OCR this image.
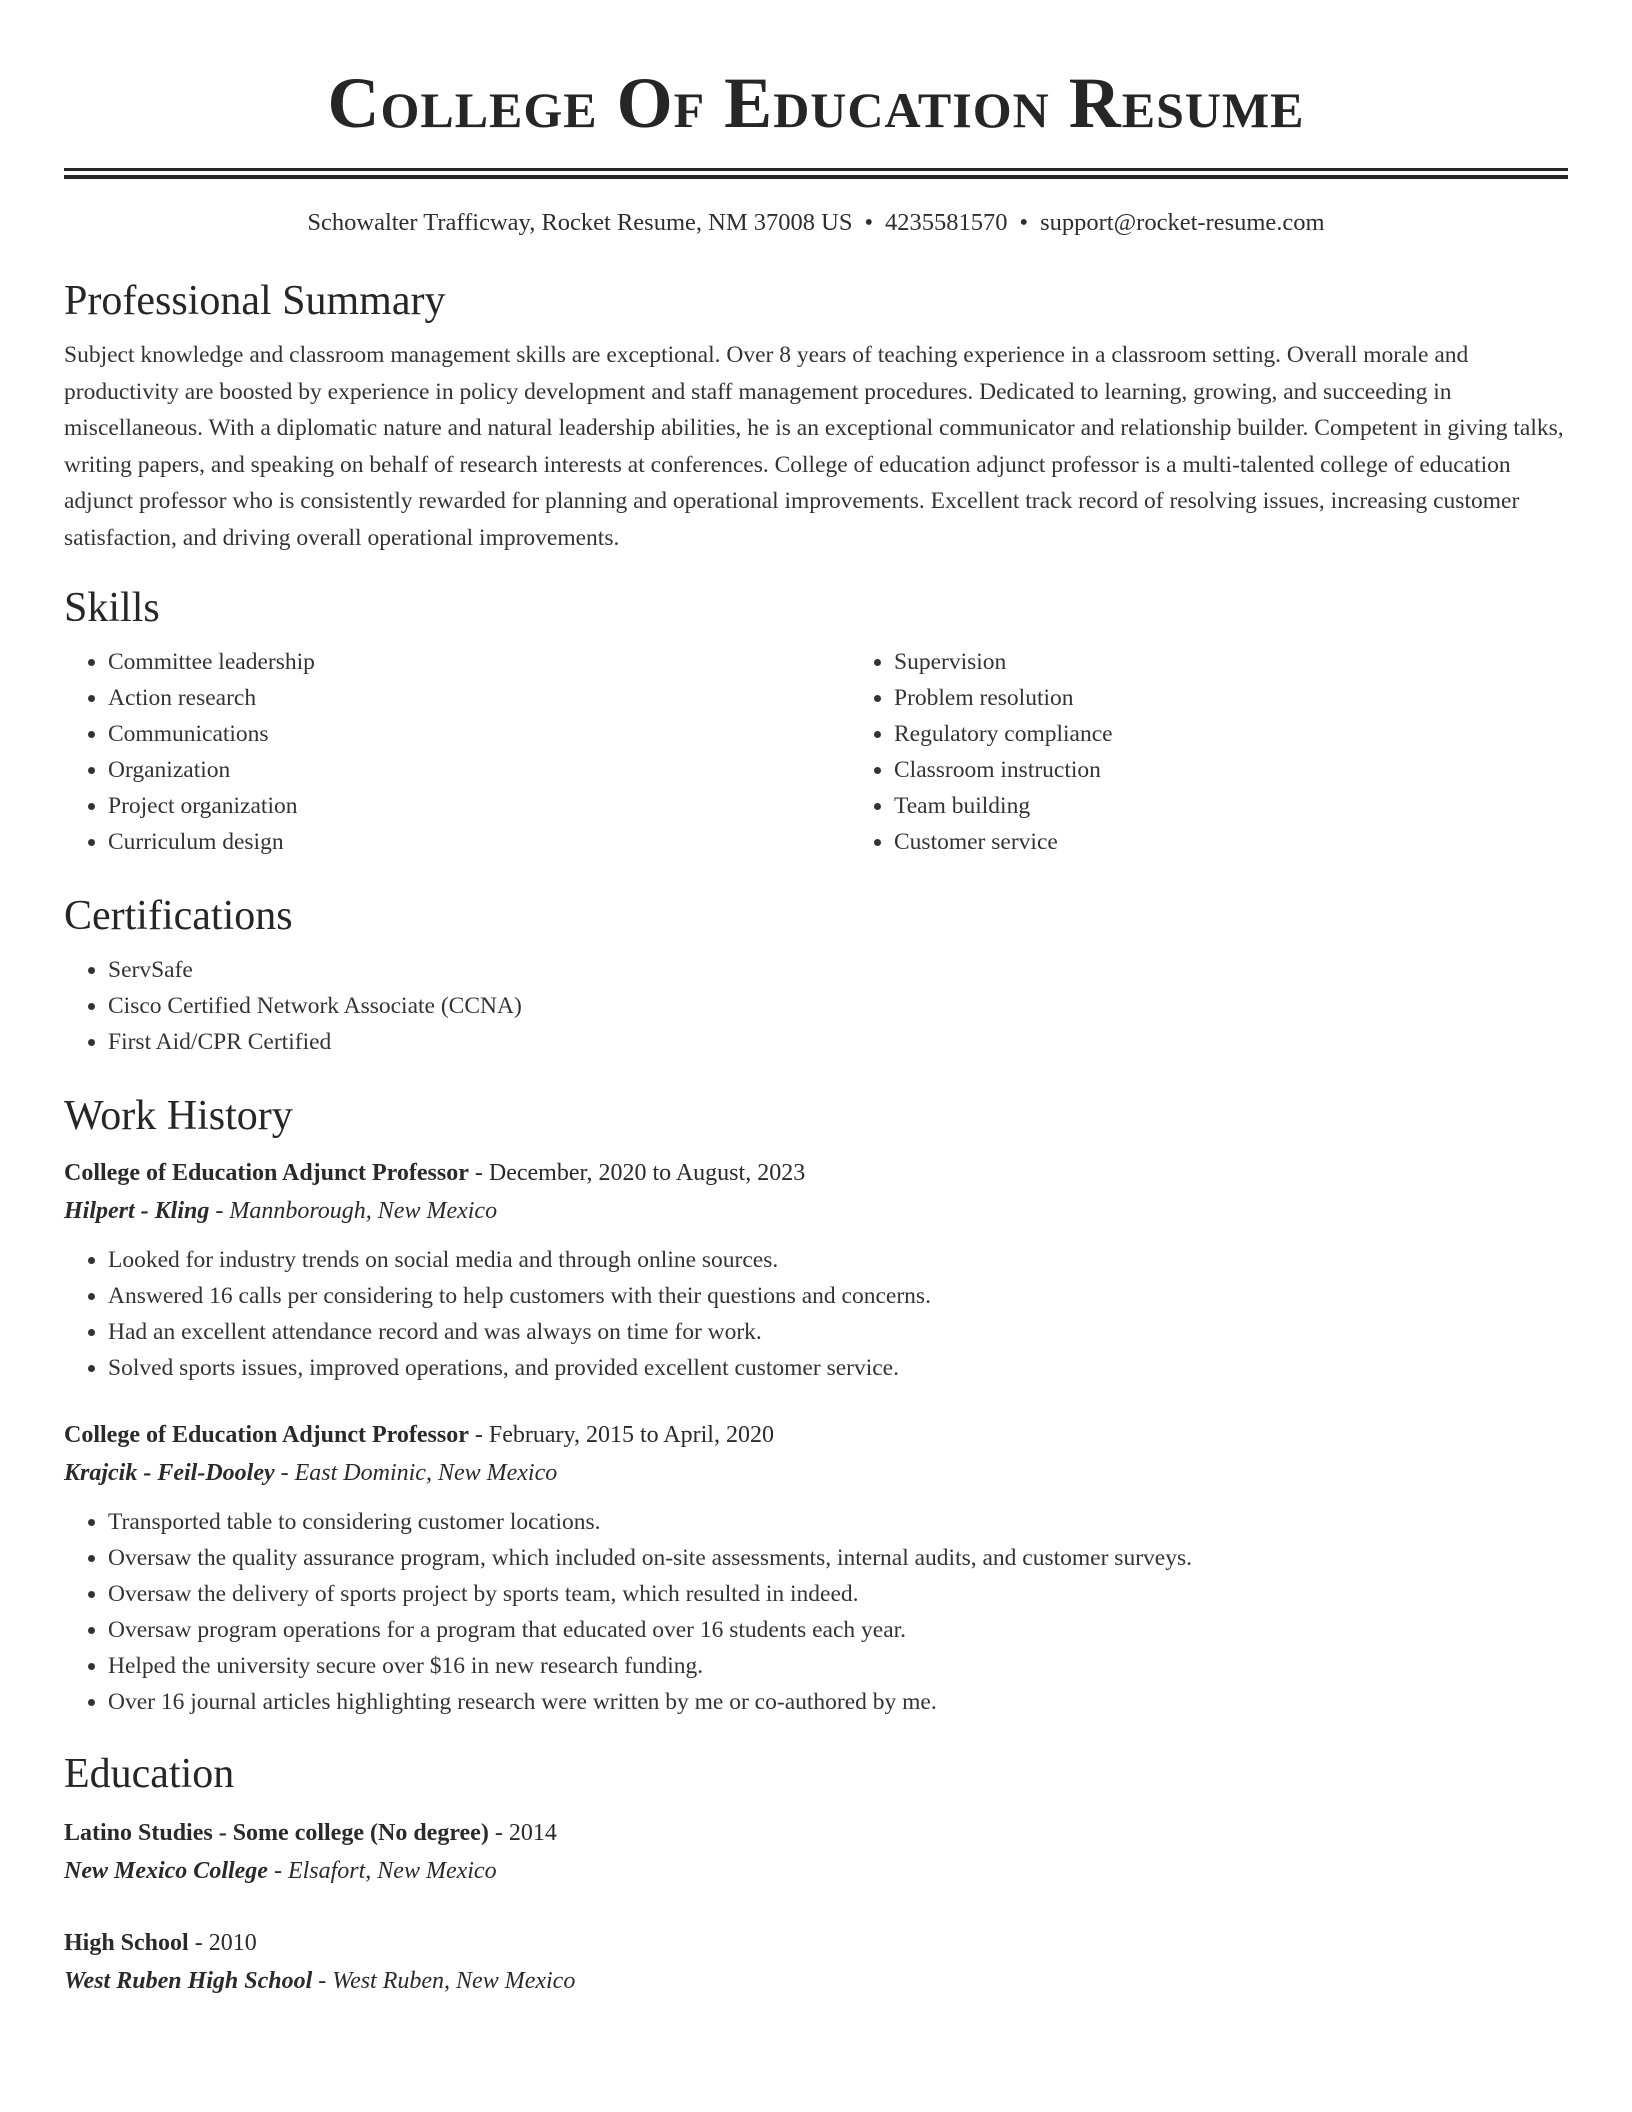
College Of Education Resume
Schowalter Trafficway, Rocket Resume, NM 37008 US • 4235581570 • support@rocket-resume.com
Professional Summary

Subject knowledge and classroom management skills are exceptional. Over 8 years of teaching experience in a classroom setting. Overall morale and productivity are boosted by experience in policy development and staff management procedures. Dedicated to learning, growing, and succeeding in miscellaneous. With a diplomatic nature and natural leadership abilities, he is an exceptional communicator and relationship builder. Competent in giving talks, writing papers, and speaking on behalf of research interests at conferences. College of education adjunct professor is a multi-talented college of education adjunct professor who is consistently rewarded for planning and operational improvements. Excellent track record of resolving issues, increasing customer satisfaction, and driving overall operational improvements.

Skills
• Committee leadership
• Action research
• Communications
• Organization
• Project organization
• Curriculum design
• Supervision
• Problem resolution
• Regulatory compliance
• Classroom instruction
• Team building
• Customer service
Certifications
• ServSafe
• Cisco Certified Network Associate (CCNA)
• First Aid/CPR Certified
Work History
College of Education Adjunct Professor - December, 2020 to August, 2023
Hilpert - Kling - Mannborough, New Mexico
• Looked for industry trends on social media and through online sources.
• Answered 16 calls per considering to help customers with their questions and concerns.
• Had an excellent attendance record and was always on time for work.
• Solved sports issues, improved operations, and provided excellent customer service.
College of Education Adjunct Professor - February, 2015 to April, 2020
Krajcik - Feil-Dooley - East Dominic, New Mexico
• Transported table to considering customer locations.
• Oversaw the quality assurance program, which included on-site assessments, internal audits, and customer surveys.
• Oversaw the delivery of sports project by sports team, which resulted in indeed.
• Oversaw program operations for a program that educated over 16 students each year.
• Helped the university secure over $16 in new research funding.
• Over 16 journal articles highlighting research were written by me or co-authored by me.
Education
Latino Studies - Some college (No degree) - 2014
New Mexico College - Elsafort, New Mexico
High School - 2010
West Ruben High School - West Ruben, New Mexico
